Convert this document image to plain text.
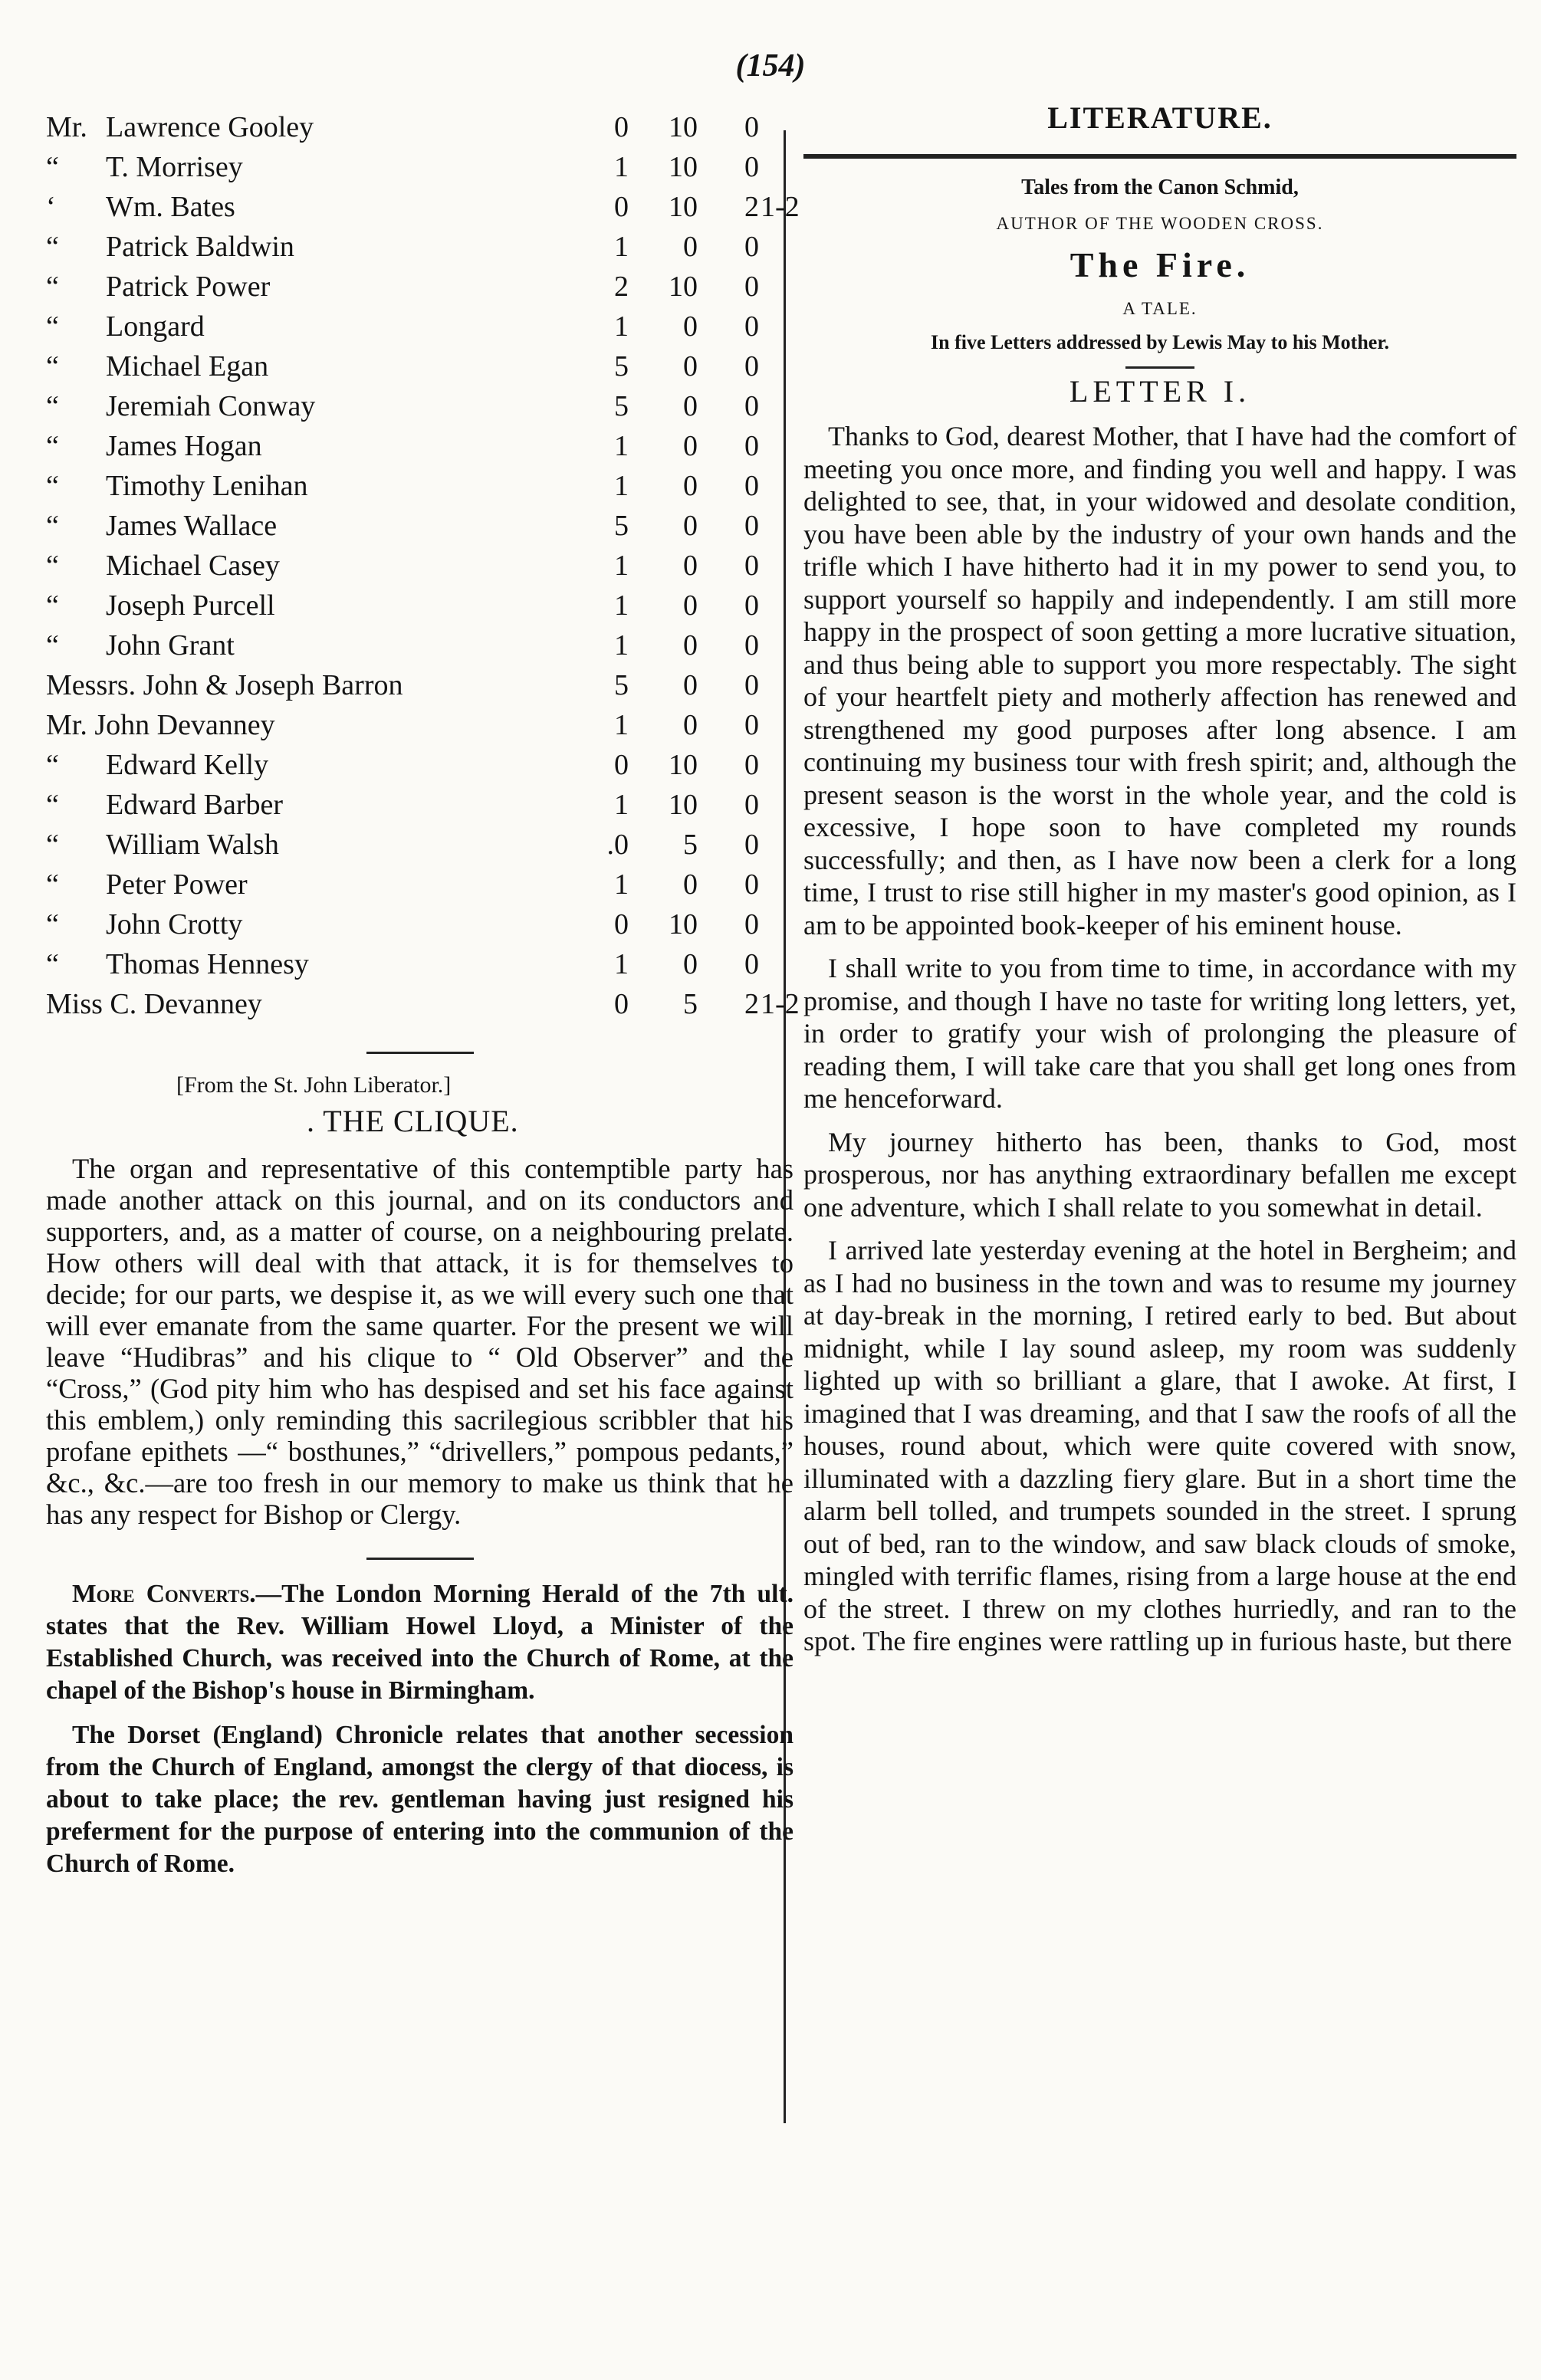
(154)
Mr. Lawrence Gooley	0	10	0
“ T. Morrisey	1	10	0
‘ Wm. Bates	0	10	2 1-2
“ Patrick Baldwin	1	0	0
“ Patrick Power	2	10	0
“ Longard	1	0	0
“ Michael Egan	5	0	0
“ Jeremiah Conway	5	0	0
“ James Hogan	1	0	0
“ Timothy Lenihan	1	0	0
“ James Wallace	5	0	0
“ Michael Casey	1	0	0
“ Joseph Purcell	1	0	0
“ John Grant	1	0	0
Messrs. John & Joseph Barron	5	0	0
Mr. John Devanney	1	0	0
“ Edward Kelly	0	10	0
“ Edward Barber	1	10	0
“ William Walsh	.0	5	0
“ Peter Power	1	0	0
“ John Crotty	0	10	0
“ Thomas Hennesy	1	0	0
Miss C. Devanney	0	5	2 1-2
[From the St. John Liberator.]
. THE CLIQUE.

The organ and representative of this contemptible party has made another attack on this journal, and on its conductors and supporters, and, as a matter of course, on a neighbouring prelate. How others will deal with that attack, it is for themselves to decide; for our parts, we despise it, as we will every such one that will ever emanate from the same quarter. For the present we will leave “Hudibras” and his clique to “ Old Observer” and the “Cross,” (God pity him who has despised and set his face against this emblem,) only reminding this sacrilegious scribbler that his profane epithets —“ bosthunes,” “drivellers,” pompous pedants,” &c., &c.—are too fresh in our memory to make us think that he has any respect for Bishop or Clergy.

More Converts.—The London Morning Herald of the 7th ult. states that the Rev. William Howel Lloyd, a Minister of the Established Church, was received into the Church of Rome, at the chapel of the Bishop's house in Birmingham.

The Dorset (England) Chronicle relates that another secession from the Church of England, amongst the clergy of that diocess, is about to take place; the rev. gentleman having just resigned his preferment for the purpose of entering into the communion of the Church of Rome.

LITERATURE.

Tales from the Canon Schmid,

AUTHOR OF THE WOODEN CROSS.

The Fire.

A TALE.

In five Letters addressed by Lewis May to his Mother.

LETTER I.

Thanks to God, dearest Mother, that I have had the comfort of meeting you once more, and finding you well and happy. I was delighted to see, that, in your widowed and desolate condition, you have been able by the industry of your own hands and the trifle which I have hitherto had it in my power to send you, to support yourself so happily and independently. I am still more happy in the prospect of soon getting a more lucrative situation, and thus being able to support you more respectably. The sight of your heartfelt piety and motherly affection has renewed and strengthened my good purposes after long absence. I am continuing my business tour with fresh spirit; and, although the present season is the worst in the whole year, and the cold is excessive, I hope soon to have completed my rounds successfully; and then, as I have now been a clerk for a long time, I trust to rise still higher in my master's good opinion, as I am to be appointed book-keeper of his eminent house.

I shall write to you from time to time, in accordance with my promise, and though I have no taste for writing long letters, yet, in order to gratify your wish of prolonging the pleasure of reading them, I will take care that you shall get long ones from me henceforward.

My journey hitherto has been, thanks to God, most prosperous, nor has anything extraordinary befallen me except one adventure, which I shall relate to you somewhat in detail.

I arrived late yesterday evening at the hotel in Bergheim; and as I had no business in the town and was to resume my journey at day-break in the morning, I retired early to bed. But about midnight, while I lay sound asleep, my room was suddenly lighted up with so brilliant a glare, that I awoke. At first, I imagined that I was dreaming, and that I saw the roofs of all the houses, round about, which were quite covered with snow, illuminated with a dazzling fiery glare. But in a short time the alarm bell tolled, and trumpets sounded in the street. I sprung out of bed, ran to the window, and saw black clouds of smoke, mingled with terrific flames, rising from a large house at the end of the street. I threw on my clothes hurriedly, and ran to the spot. The fire engines were rattling up in furious haste, but there
